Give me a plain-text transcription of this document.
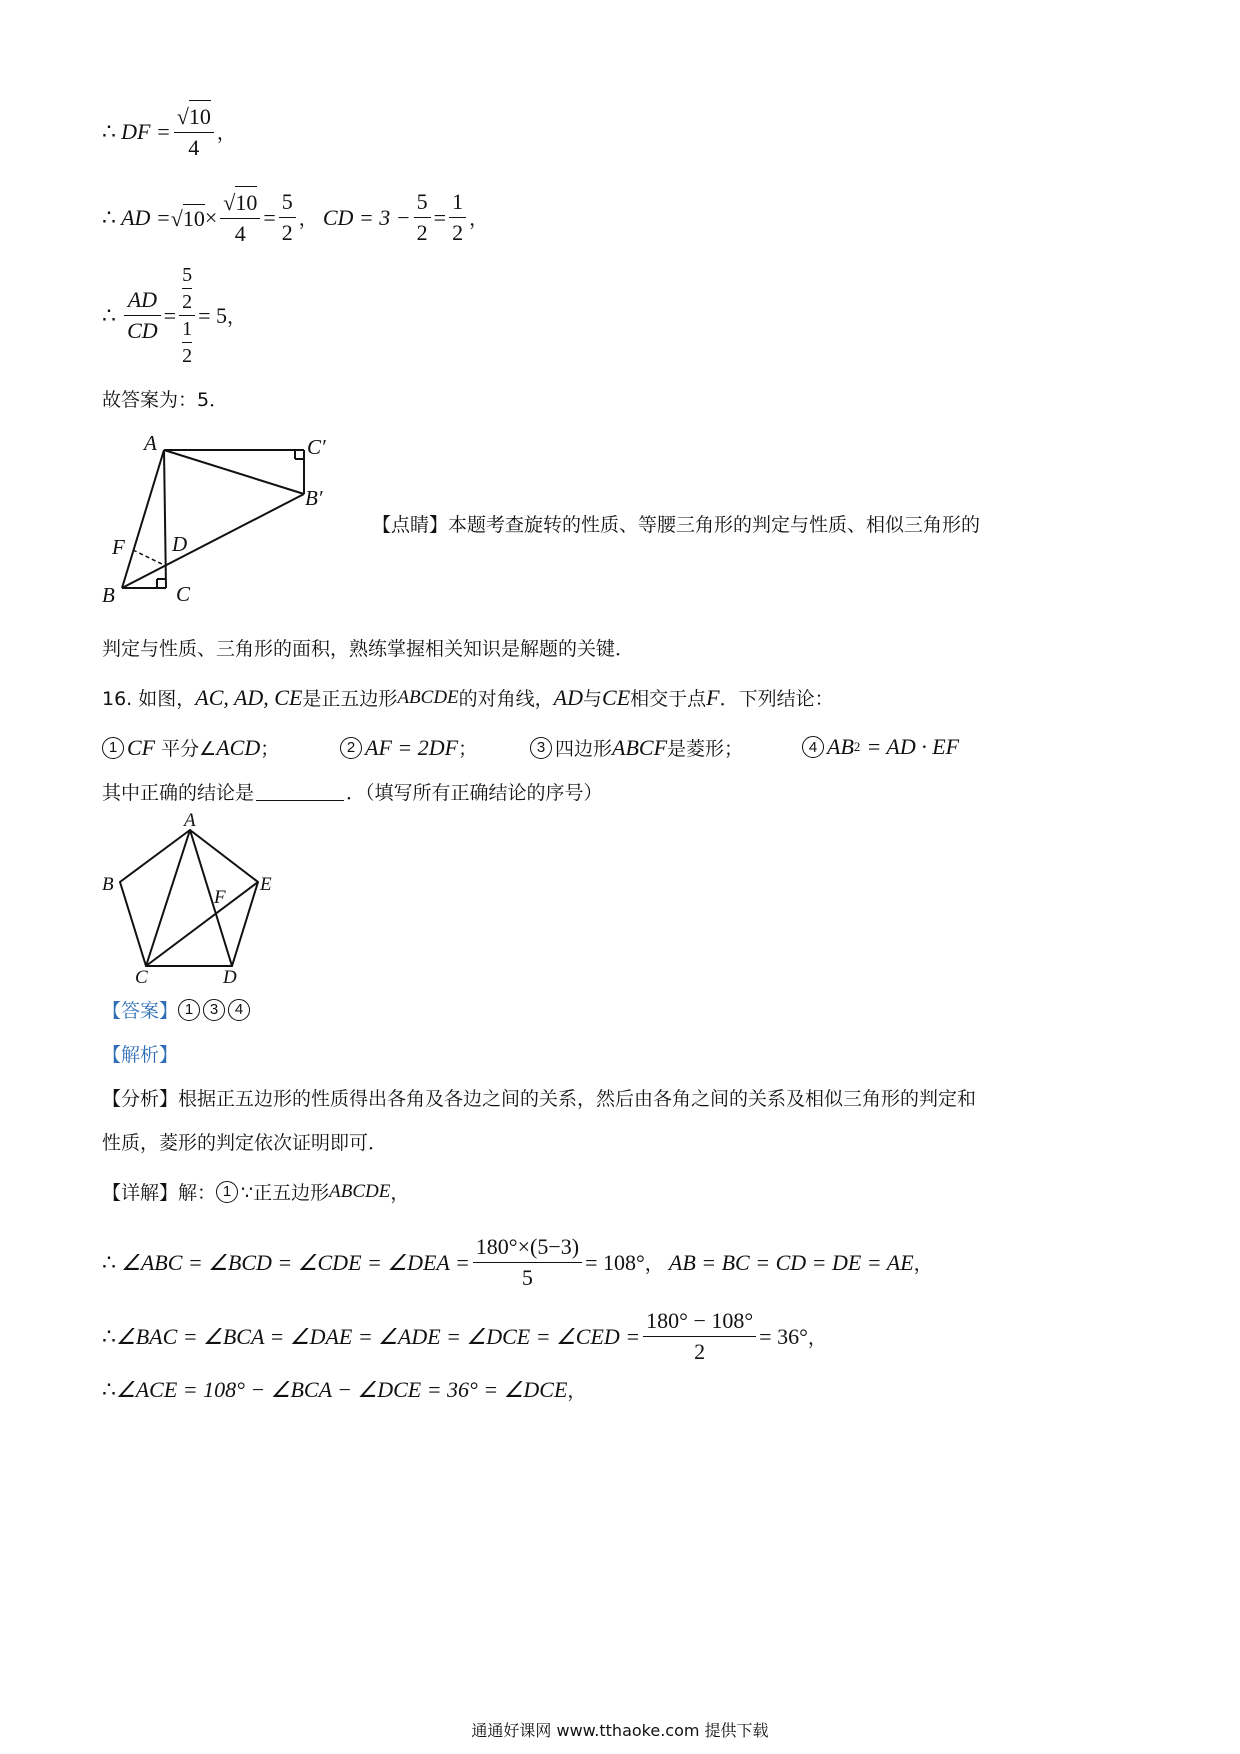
∴
DF = $\frac{√10}{4}$ ，
∴
AD = $√10 \times \frac{√10}{4} = \frac{5}{2}$ ，
CD = $3 - \frac{5}{2} = \frac{1}{2}$ ，
∴
$\frac{AD}{CD} = 5$
2
1
2 = 5 ，
故答案为：5．
A	C′
B′
F D
B	C
【点睛】本题考查旋转的性质、等腰三角形的判定与性质、相似三角形的
判定与性质、三角形的面积，熟练掌握相关知识是解题的关键．
16. 如图， AC, AD, CE 是正五边形 ABCDE 的对角线， AD 与 CE 相交于点 F ．下列结论：
1 CF
平分∠ ACD ；	2 AF = 2DF ；	3 四边形 ABCF 是菱形；	4 AB 2
= AD · EF
其中正确的结论是	．（填写所有正确结论的序号）
A
B	E
F
C	D
【答案】 1	3	4
【解析】
【分析】根据正五边形的性质得出各角及各边之间的关系，然后由各角之间的关系及相似三角形的判定和
性质，菱形的判定依次证明即可．
【详解】解： 1 ∵正五边形 ABCDE ，
∴
∠ABC = ∠BCD = ∠CDE = ∠DEA = $\frac{180^\circ\times(5-3)}{5} = 108^\circ$ ，
AB = BC = CD = DE = AE ，
∴ ∠BAC = ∠BCA = ∠DAE = ∠ADE = ∠DCE = ∠CED = $\frac{180^\circ - 108^\circ}{2} = 36^\circ$ ，
∴ ∠ACE = 108° − ∠BCA − ∠DCE = 36° = ∠DCE ，
通通好课网 www.tthaoke.com 提供下载
